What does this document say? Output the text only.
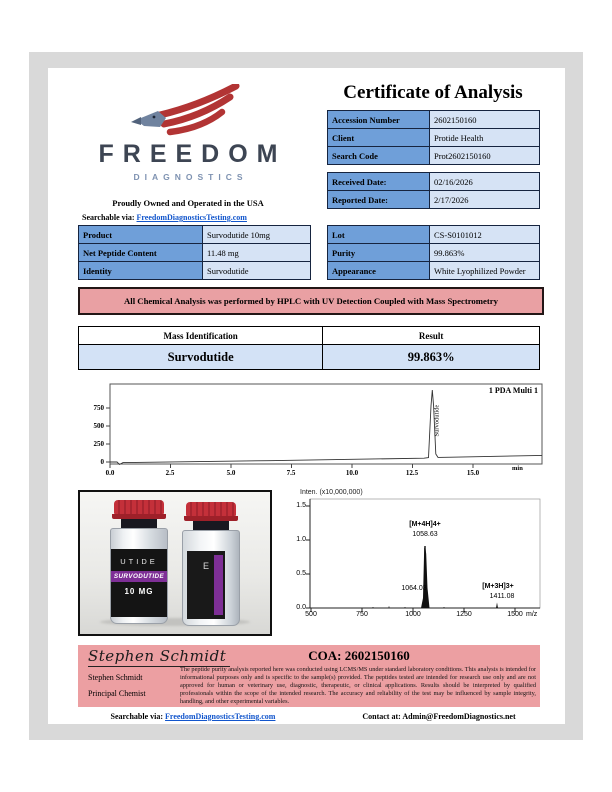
FREEDOM
DIAGNOSTICS
Certificate of Analysis
Accession Number	2602150160
Client	Protide Health
Search Code	Prot2602150160
Received Date:	02/16/2026
Reported Date:	2/17/2026
Proudly Owned and Operated in the USA
Searchable via: FreedomDiagnosticsTesting.com
Product	Survodutide 10mg
Net Peptide Content	11.48 mg
Identity	Survodutide
Lot	CS-S0101012
Purity	99.863%
Appearance	White Lyophilized Powder
All Chemical Analysis was performed by HPLC with UV Detection Coupled with Mass Spectrometry
Mass Identification	Result
Survodutide	99.863%
750
500
250
0
0.0	2.5	5.0	7.5	10.0	12.5	15.0
min
1 PDA Multi 1
Survodutide
UTIDE
SURVODUTIDE
10 MG
E
Inten. (x10,000,000)
1.5
1.0
0.5
0.0
500	750	1000	1250	1500 m/z
[M+4H]4+
1058.63
1064.03	[M+3H]3+
1411.08
Stephen Schmidt
Stephen Schmidt
Principal Chemist
COA: 2602150160
The peptide purity analysis reported here was conducted using LCMS/MS under standard laboratory conditions. This analysis is intended for informational purposes only and is specific to the sample(s) provided. The peptides tested are intended for research use only and are not approved for human or veterinary use, diagnostic, therapeutic, or clinical applications. Results should be interpreted by qualified professionals within the scope of the intended research. The accuracy and reliability of the test may be influenced by sample integrity, handling, and other experimental variables.
Searchable via: FreedomDiagnosticsTesting.com	Contact at: Admin@FreedomDiagnostics.net
